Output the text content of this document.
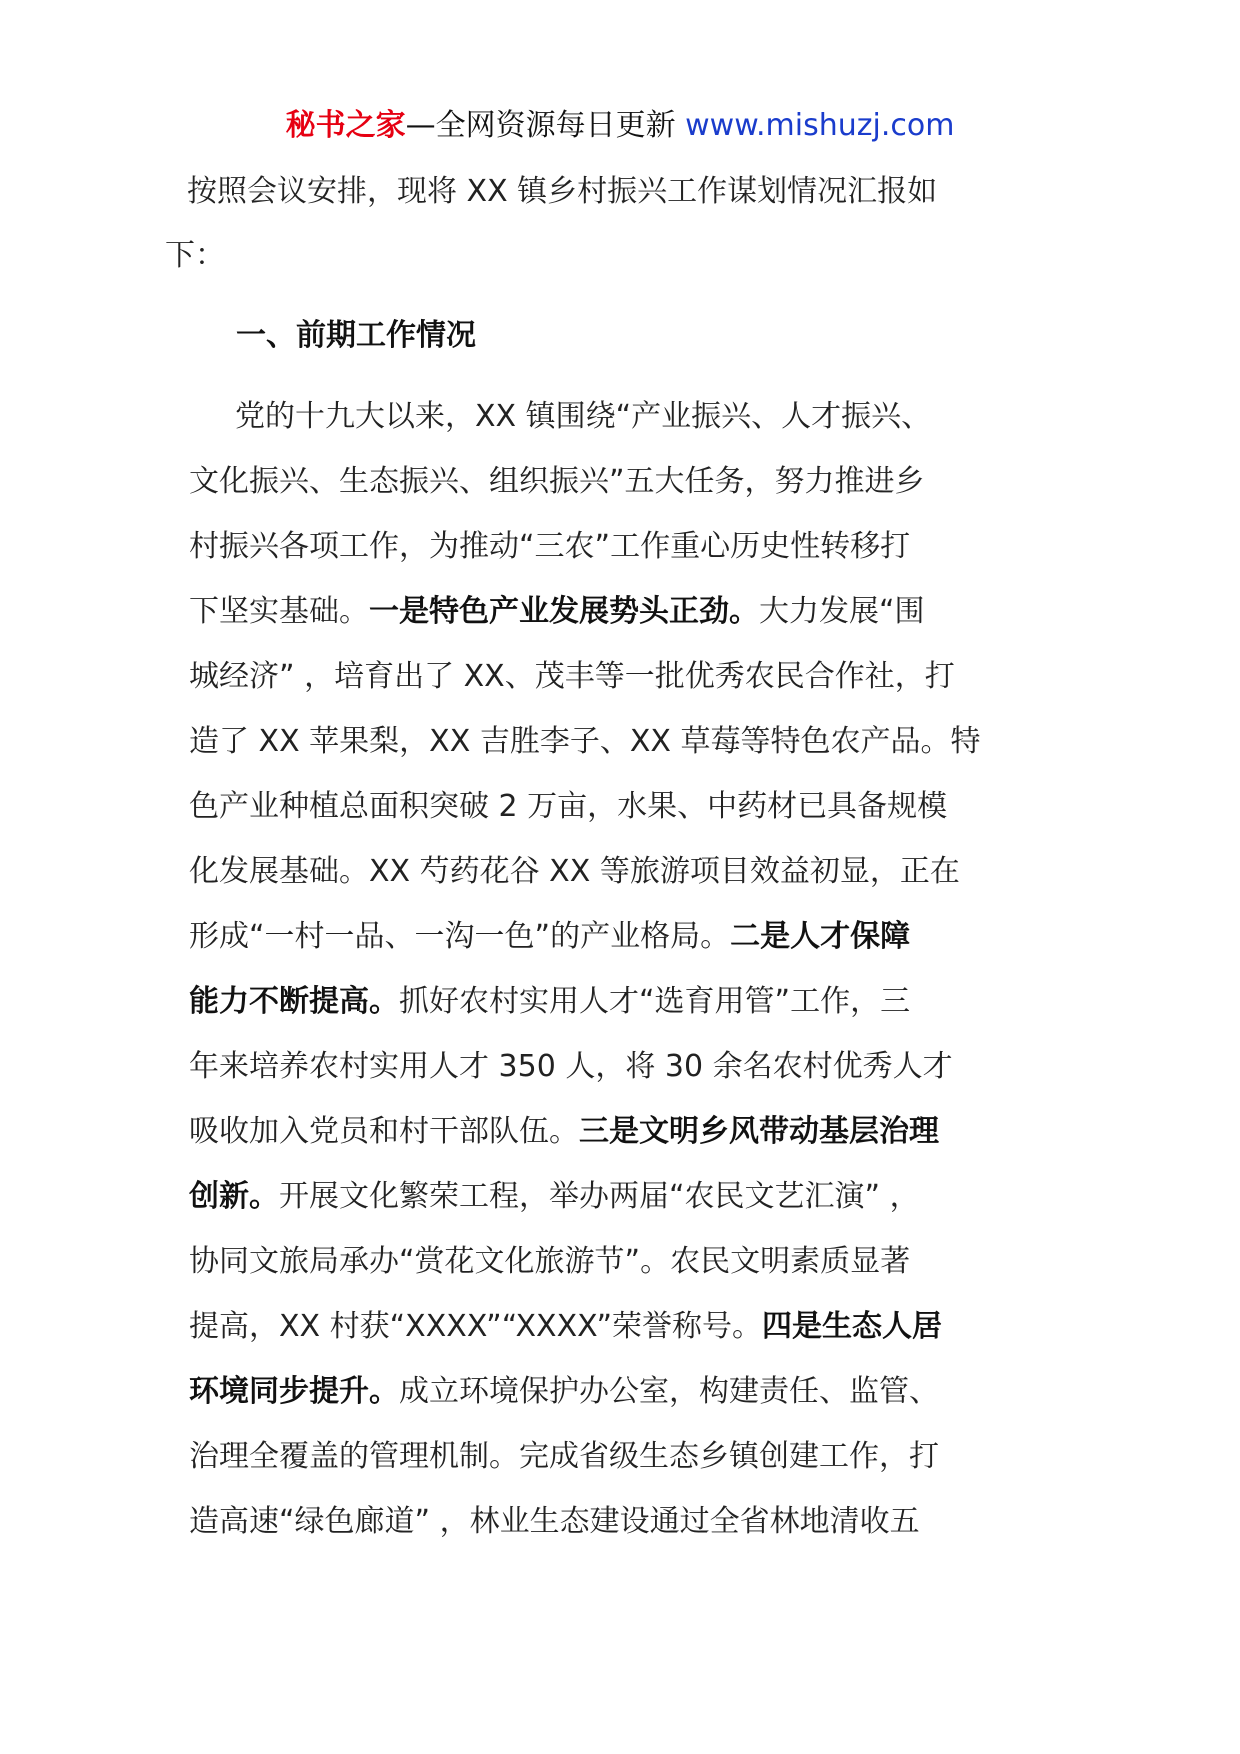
秘书之家—全网资源每日更新 www.mishuzj.com

按照会议安排，现将 XX 镇乡村振兴工作谋划情况汇报如
下：

一、前期工作情况
党的十九大以来，XX 镇围绕“产业振兴、人才振兴、
文化振兴、生态振兴、组织振兴”五大任务，努力推进乡
村振兴各项工作，为推动“三农”工作重心历史性转移打
下坚实基础。一是特色产业发展势头正劲。大力发展“围
城经济” ，培育出了 XX、茂丰等一批优秀农民合作社，打
造了 XX 苹果梨，XX 吉胜李子、XX 草莓等特色农产品。特
色产业种植总面积突破 2 万亩，水果、中药材已具备规模
化发展基础。XX 芍药花谷 XX 等旅游项目效益初显，正在
形成“一村一品、一沟一色”的产业格局。二是人才保障
能力不断提高。抓好农村实用人才“选育用管”工作，三
年来培养农村实用人才 350 人，将 30 余名农村优秀人才
吸收加入党员和村干部队伍。三是文明乡风带动基层治理
创新。开展文化繁荣工程，举办两届“农民文艺汇演” ，
协同文旅局承办“赏花文化旅游节”。农民文明素质显著
提高，XX 村获“XXXX”“XXXX”荣誉称号。四是生态人居
环境同步提升。成立环境保护办公室，构建责任、监管、
治理全覆盖的管理机制。完成省级生态乡镇创建工作，打
造高速“绿色廊道” ，林业生态建设通过全省林地清收五
